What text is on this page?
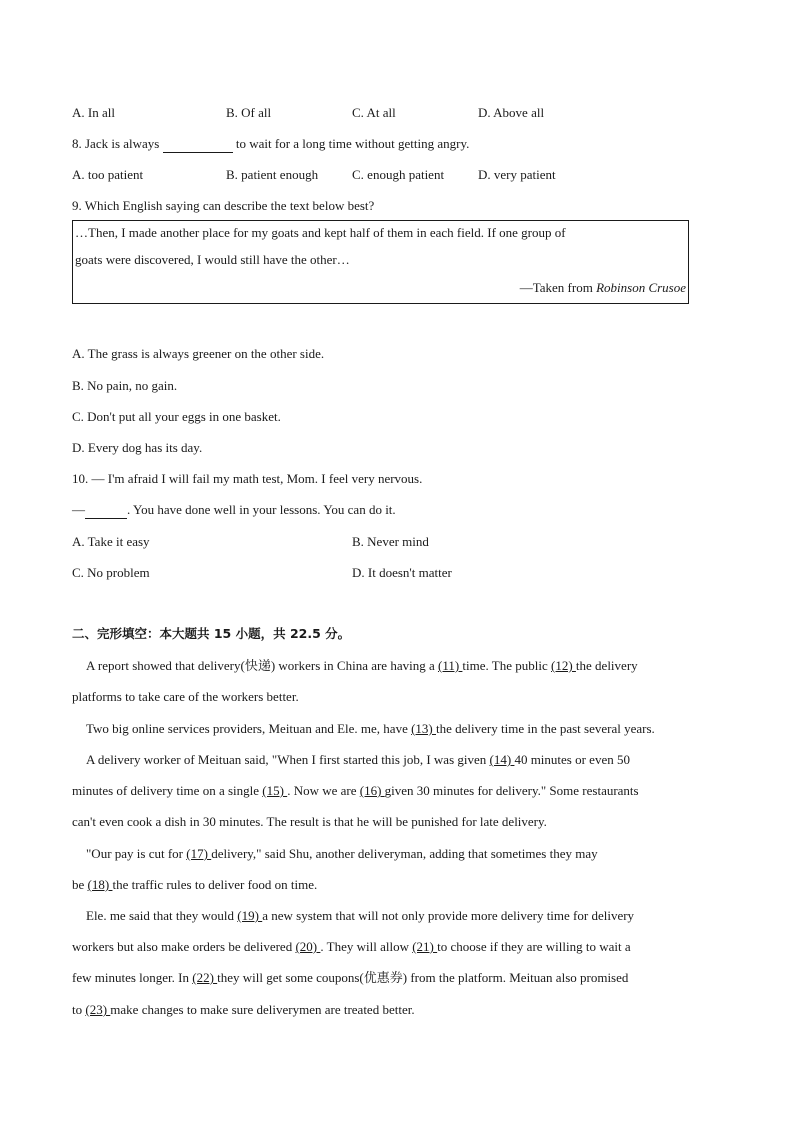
A. In all	B. Of all	C. At all	D. Above all
8. Jack is always	to wait for a long time without getting angry.
A. too patient	B. patient enough	C. enough patient	D. very patient
9. Which English saying can describe the text below best?
…Then, I made another place for my goats and kept half of them in each field. If one group of
goats were discovered, I would still have the other…
—Taken from Robinson Crusoe
A. The grass is always greener on the other side.
B. No pain, no gain.
C. Don't put all your eggs in one basket.
D. Every dog has its day.
10. — I'm afraid I will fail my math test, Mom. I feel very nervous.
—	. You have done well in your lessons. You can do it.
A. Take it easy	B. Never mind
C. No problem	D. It doesn't matter
二、完形填空：本大题共 15 小题，共 22.5 分。
A report showed that delivery(快递) workers in China are having a (11) time. The public (12) the delivery
platforms to take care of the workers better.
Two big online services providers, Meituan and Ele. me, have (13) the delivery time in the past several years.
A delivery worker of Meituan said, "When I first started this job, I was given (14) 40 minutes or even 50
minutes of delivery time on a single (15) . Now we are (16) given 30 minutes for delivery." Some restaurants
can't even cook a dish in 30 minutes. The result is that he will be punished for late delivery.
"Our pay is cut for (17) delivery," said Shu, another deliveryman, adding that sometimes they may
be (18) the traffic rules to deliver food on time.
Ele. me said that they would (19) a new system that will not only provide more delivery time for delivery
workers but also make orders be delivered (20) . They will allow (21) to choose if they are willing to wait a
few minutes longer. In (22) they will get some coupons(优惠券) from the platform. Meituan also promised
to (23) make changes to make sure deliverymen are treated better.
